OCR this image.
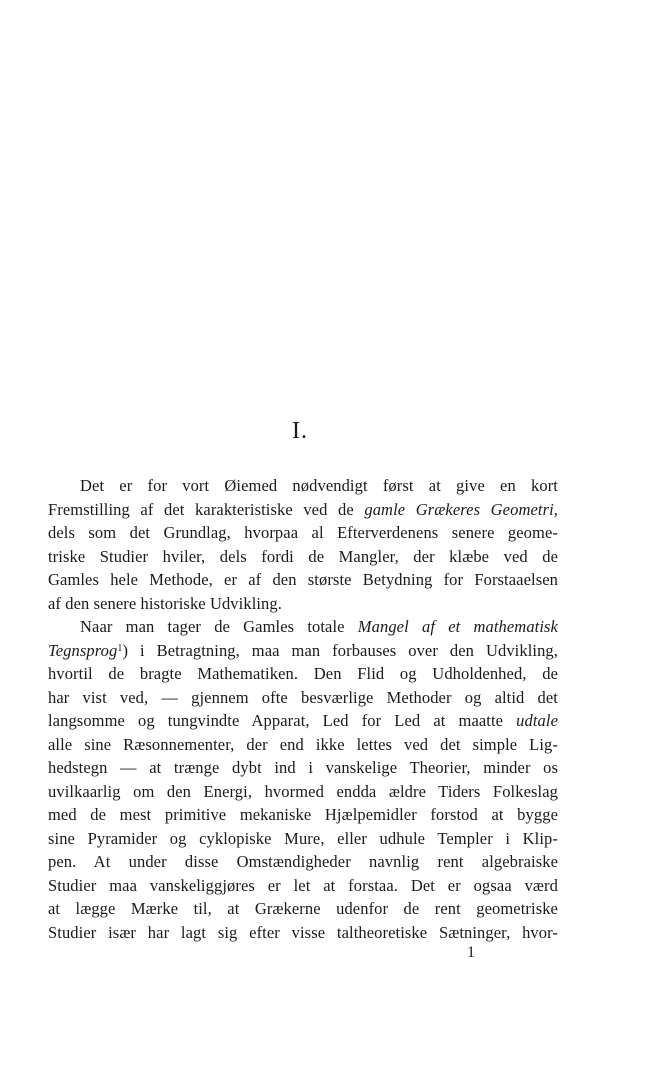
I.
Det er for vort Øiemed nødvendigt først at give en kort
Fremstilling af det karakteristiske ved de gamle Grækeres Geometri,
dels som det Grundlag, hvorpaa al Efterverdenens senere geome-
triske Studier hviler, dels fordi de Mangler, der klæbe ved de
Gamles hele Methode, er af den største Betydning for Forstaaelsen
af den senere historiske Udvikling.
Naar man tager de Gamles totale Mangel af et mathematisk
Tegnsprog$^1$) i Betragtning, maa man forbauses over den Udvikling,
hvortil de bragte Mathematiken. Den Flid og Udholdenhed, de
har vist ved, — gjennem ofte besværlige Methoder og altid det
langsomme og tungvindte Apparat, Led for Led at maatte udtale
alle sine Ræsonnementer, der end ikke lettes ved det simple Lig-
hedstegn — at trænge dybt ind i vanskelige Theorier, minder os
uvilkaarlig om den Energi, hvormed endda ældre Tiders Folkeslag
med de mest primitive mekaniske Hjælpemidler forstod at bygge
sine Pyramider og cyklopiske Mure, eller udhule Templer i Klip-
pen. At under disse Omstændigheder navnlig rent algebraiske
Studier maa vanskeliggjøres er let at forstaa. Det er ogsaa værd
at lægge Mærke til, at Grækerne udenfor de rent geometriske
Studier især har lagt sig efter visse taltheoretiske Sætninger, hvor-
1
